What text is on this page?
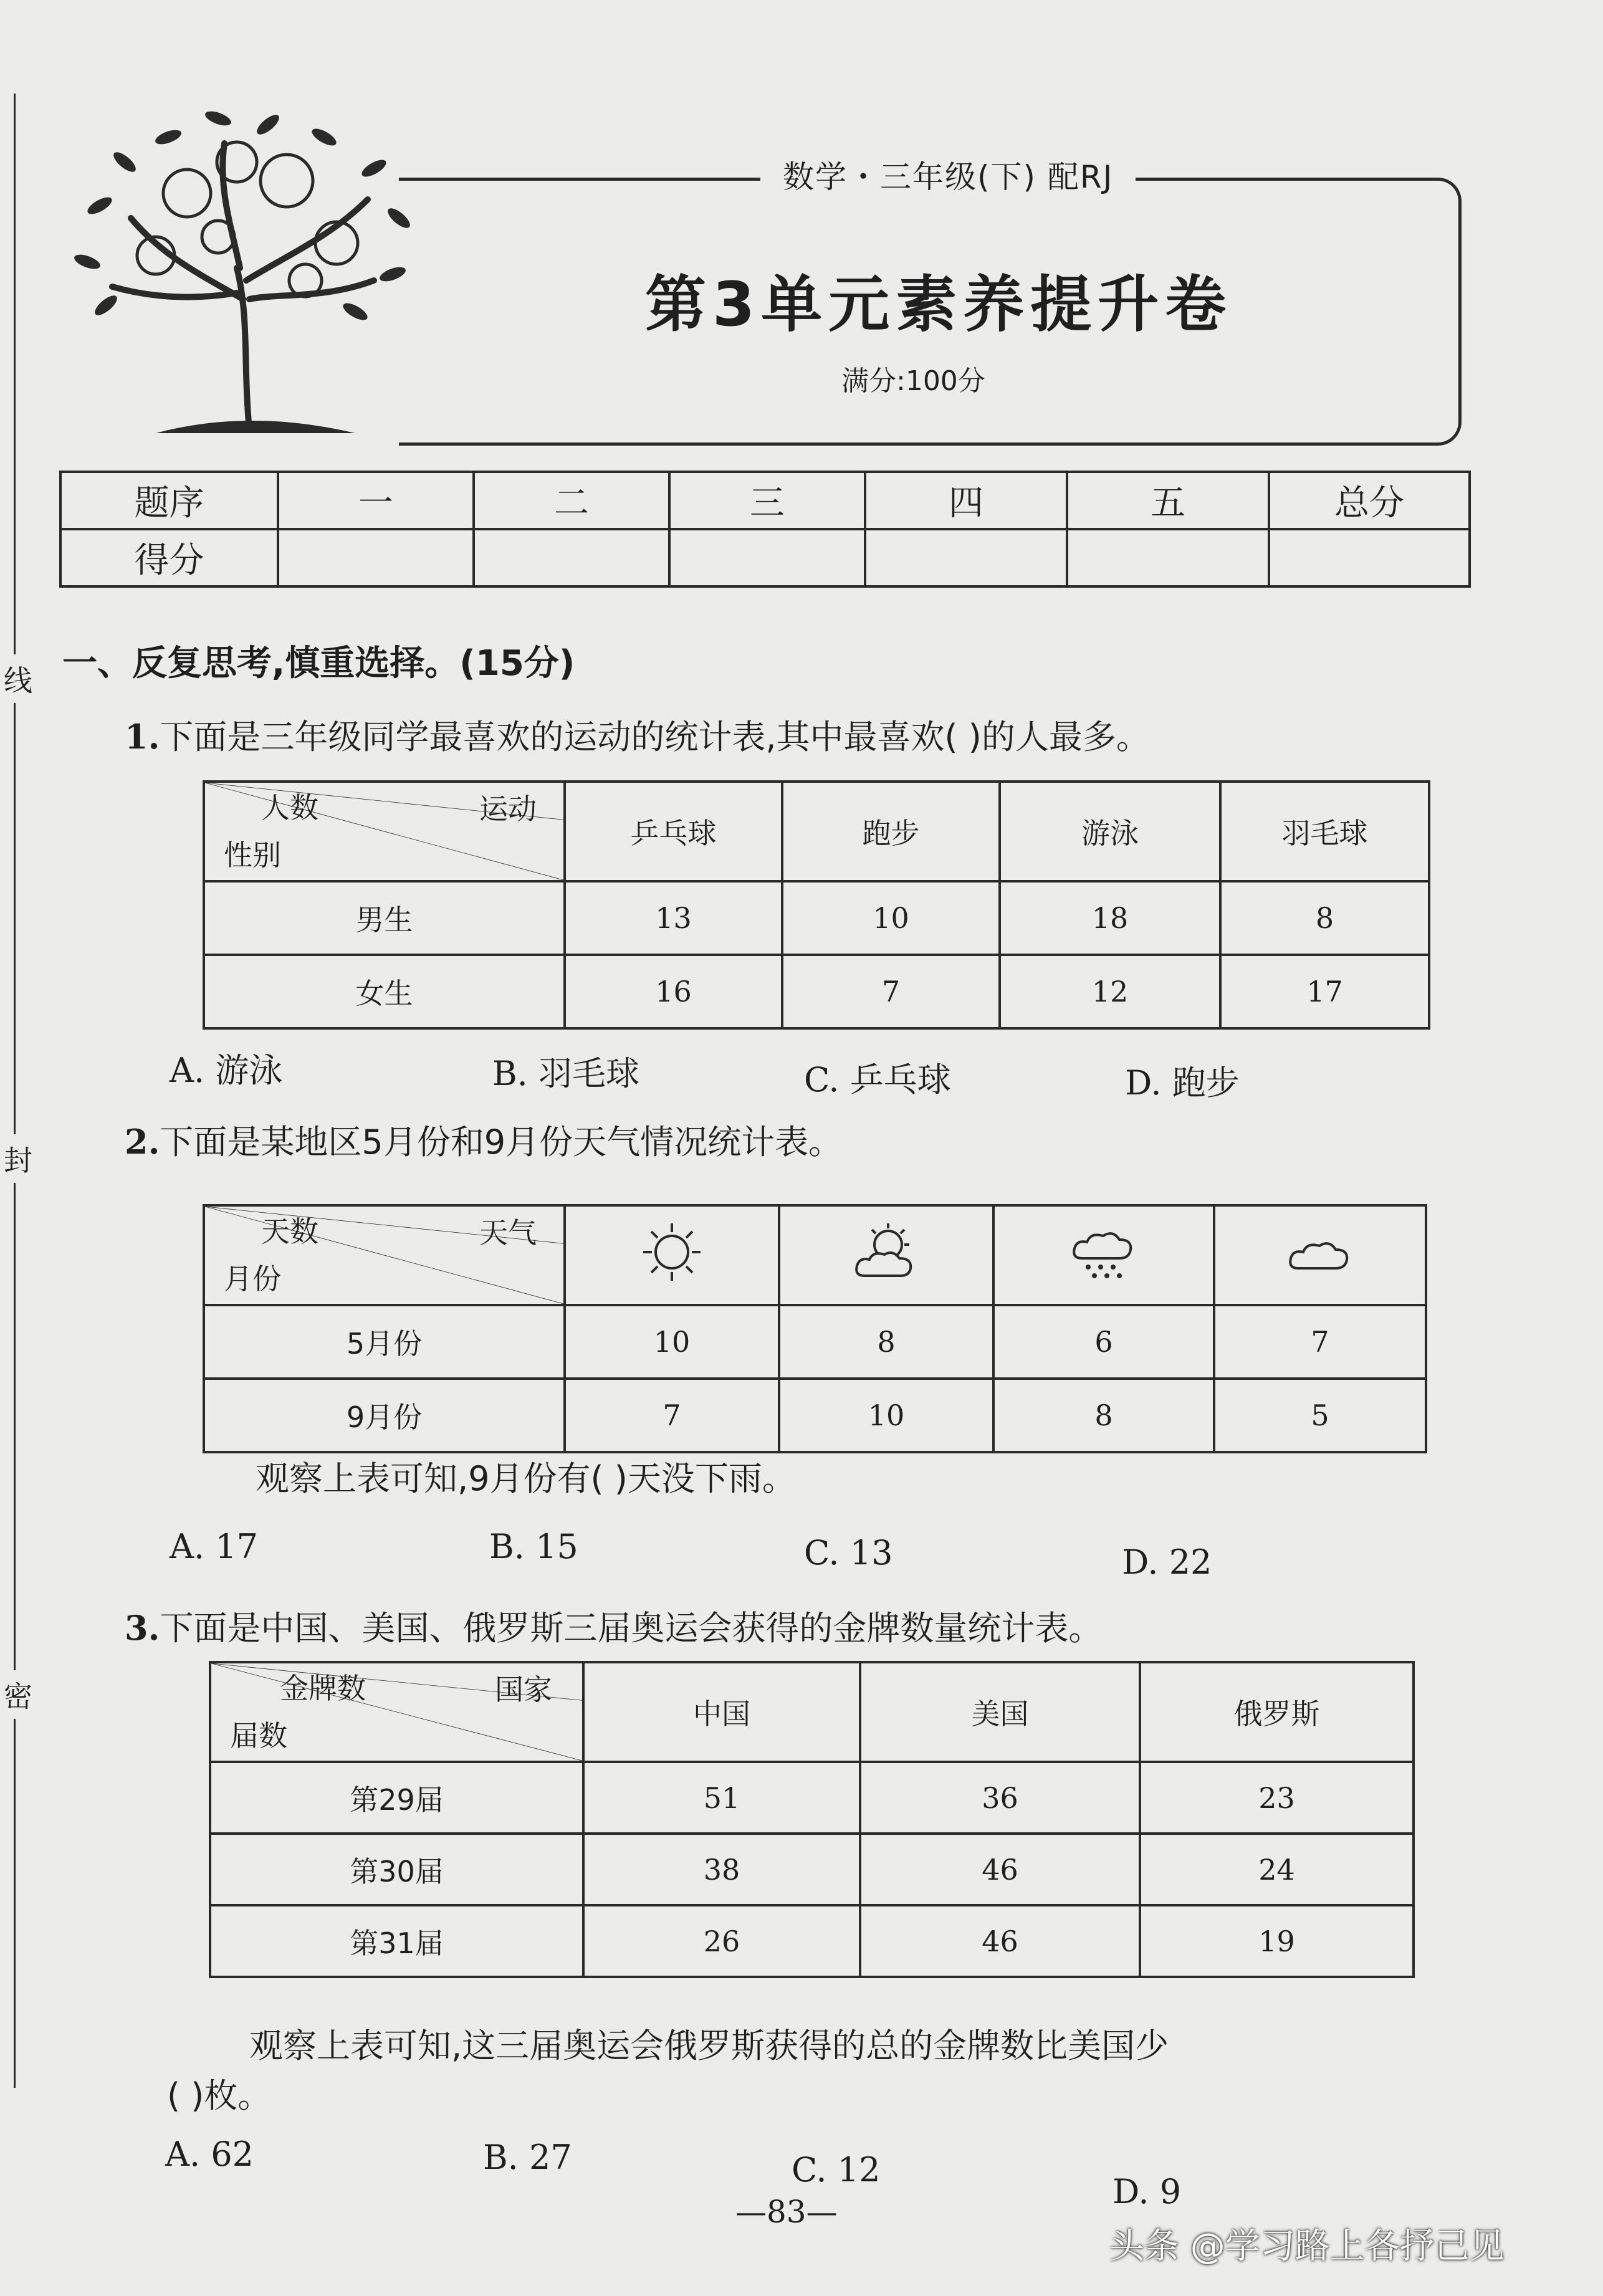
线
封
密
数学・三年级(下) 配RJ
第3单元素养提升卷
满分:100分
题序	一	二	三	四	五	总分
得分						
一、反复思考,慎重选择。(15分)
1.下面是三年级同学最喜欢的运动的统计表,其中最喜欢( )的人最多。
人数 运动
性别	乒乓球	跑步	游泳	羽毛球
男生	13	10	18	8
女生	16	7	12	17
A. 游泳	B. 羽毛球	C. 乒乓球	D. 跑步
2.下面是某地区5月份和9月份天气情况统计表。
天数 天气
月份

5月份	10	8	6	7
9月份	7	10	8	5
观察上表可知,9月份有( )天没下雨。
A. 17	B. 15	C. 13	D. 22
3.下面是中国、美国、俄罗斯三届奥运会获得的金牌数量统计表。
金牌数 国家
届数	中国	美国	俄罗斯
第29届	51	36	23
第30届	38	46	24
第31届	26	46	19
观察上表可知,这三届奥运会俄罗斯获得的总的金牌数比美国少
( )枚。
A. 62	B. 27	C. 12
D. 9
—83—
头条 @学习路上各抒己见
